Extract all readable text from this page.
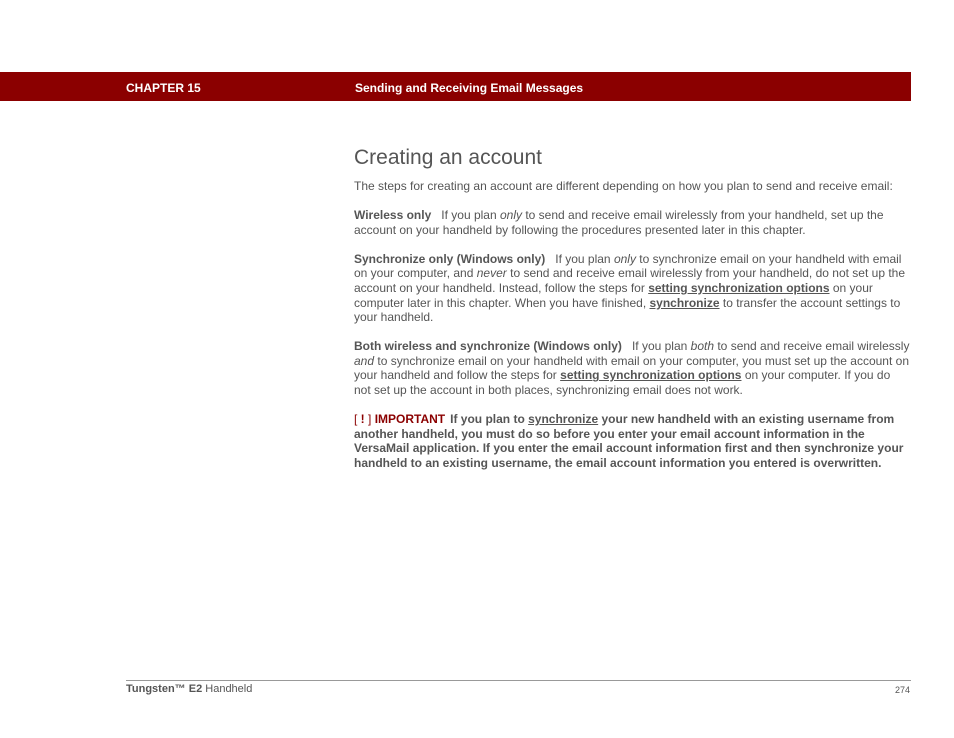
CHAPTER 15	Sending and Receiving Email Messages
Creating an account

The steps for creating an account are different depending on how you plan to send and receive email:

Wireless only If you plan only to send and receive email wirelessly from your handheld, set up the account on your handheld by following the procedures presented later in this chapter.

Synchronize only (Windows only) If you plan only to synchronize email on your handheld with email on your computer, and never to send and receive email wirelessly from your handheld, do not set up the account on your handheld. Instead, follow the steps for setting synchronization options on your computer later in this chapter. When you have finished, synchronize to transfer the account settings to your handheld.

Both wireless and synchronize (Windows only) If you plan both to send and receive email wirelessly and to synchronize email on your handheld with email on your computer, you must set up the account on your handheld and follow the steps for setting synchronization options on your computer. If you do not set up the account in both places, synchronizing email does not work.

[ ! ] IMPORTANT If you plan to synchronize your new handheld with an existing username from another handheld, you must do so before you enter your email account information in the VersaMail application. If you enter the email account information first and then synchronize your handheld to an existing username, the email account information you entered is overwritten.

Tungsten™ E2 Handheld	274
